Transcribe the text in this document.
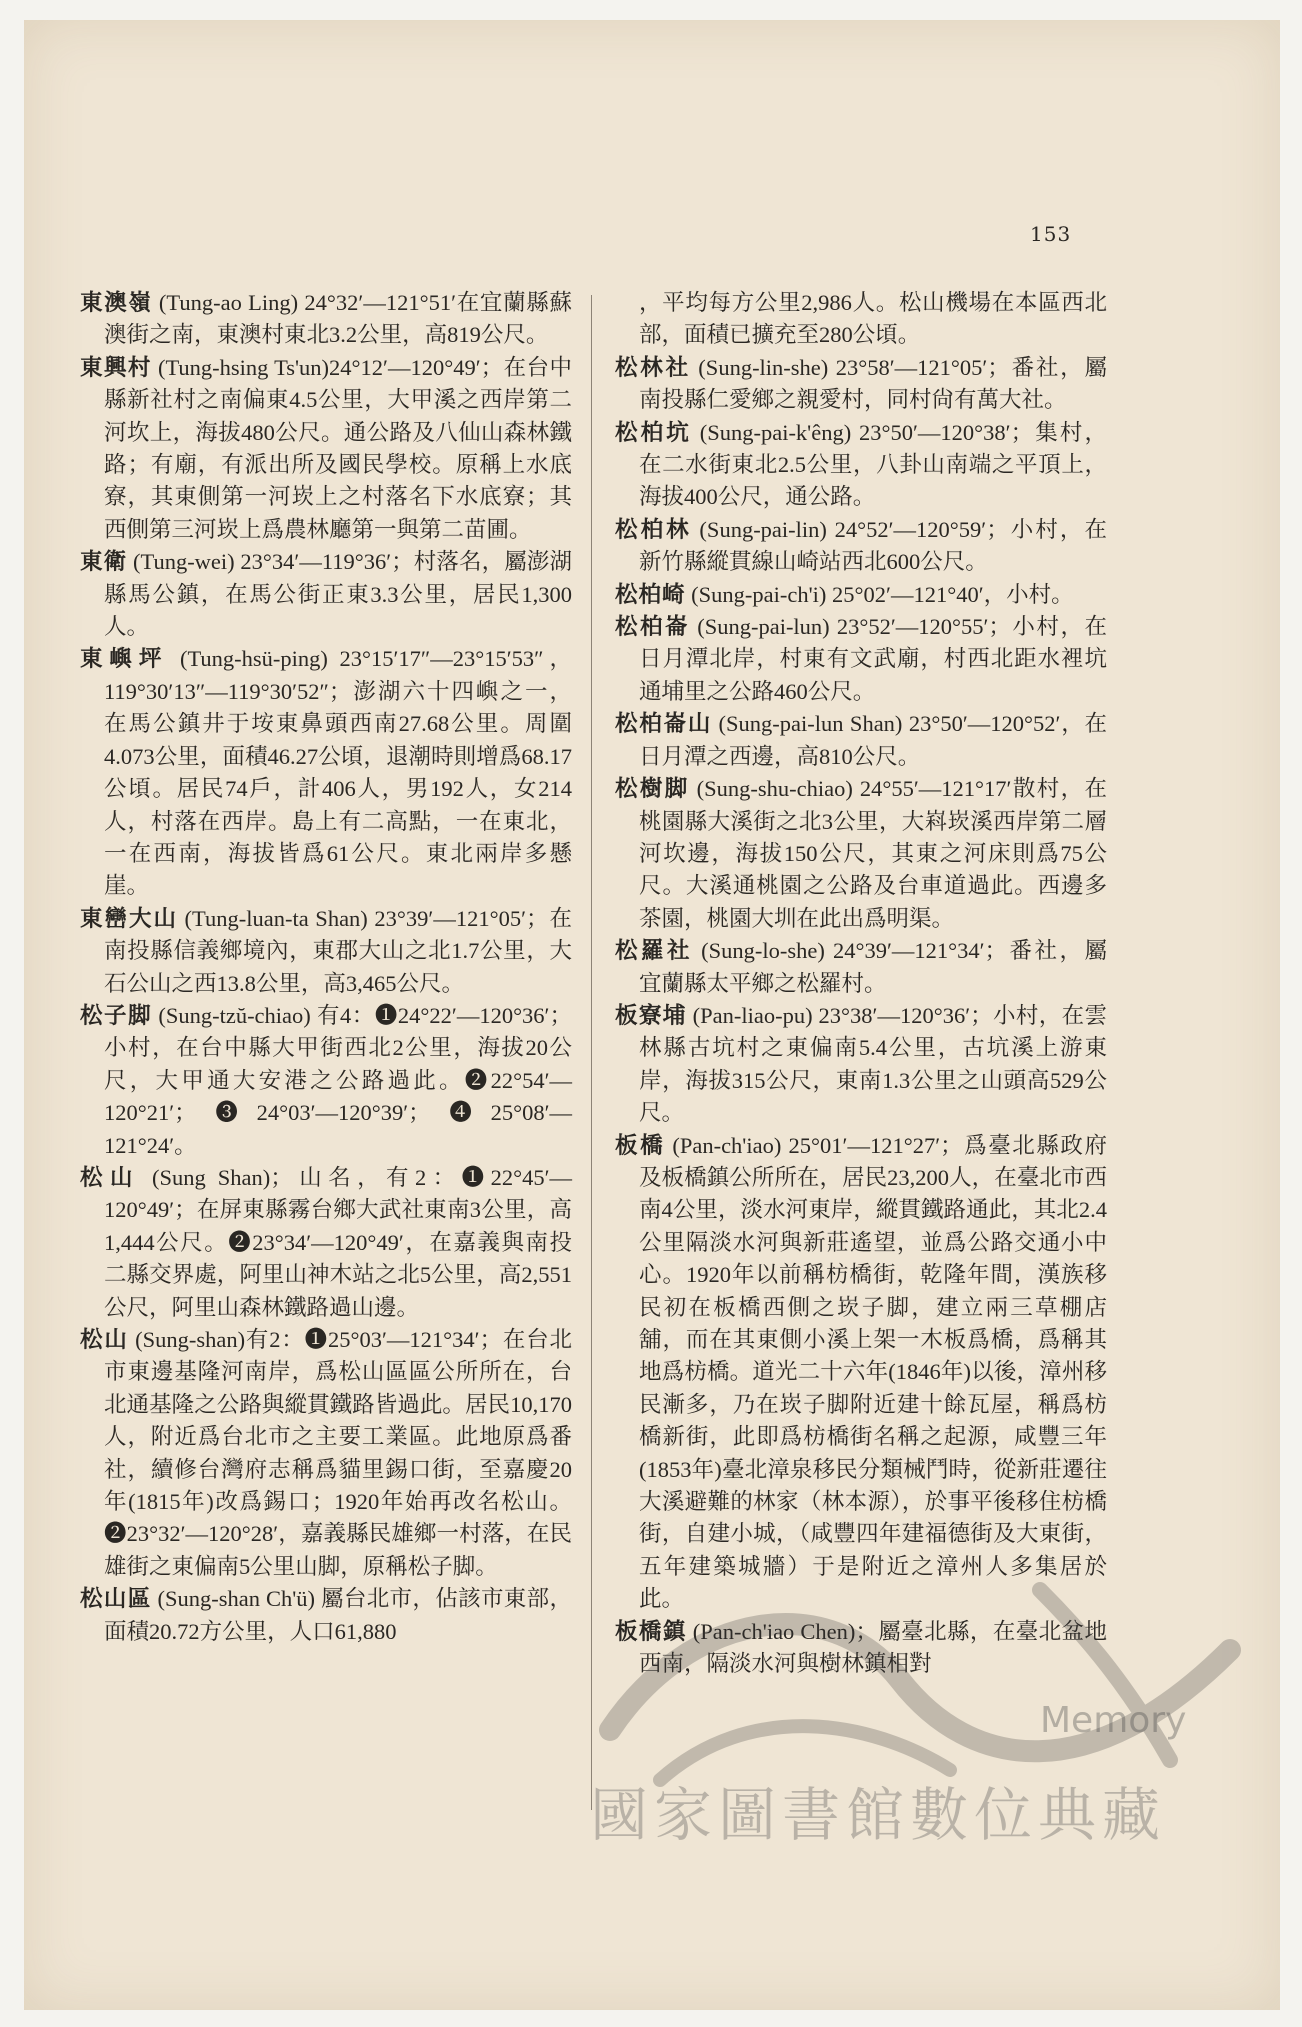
153

東澳嶺 (Tung-ao Ling) 24°32′—121°51′在宜蘭縣蘇澳街之南，東澳村東北3.2公里，高819公尺。

東興村 (Tung-hsing Ts'un)24°12′—120°49′；在台中縣新社村之南偏東4.5公里，大甲溪之西岸第二河坎上，海拔480公尺。通公路及八仙山森林鐵路；有廟，有派出所及國民學校。原稱上水底寮，其東側第一河崁上之村落名下水底寮；其西側第三河崁上爲農林廳第一與第二苗圃。

東衛 (Tung-wei) 23°34′—119°36′；村落名，屬澎湖縣馬公鎮，在馬公街正東3.3公里，居民1,300人。

東嶼坪 (Tung-hsü-ping) 23°15′17″—23°15′53″，119°30′13″—119°30′52″；澎湖六十四嶼之一，在馬公鎮井于垵東鼻頭西南27.68公里。周圍4.073公里，面積46.27公頃，退潮時則增爲68.17公頃。居民74戶，計406人，男192人，女214人，村落在西岸。島上有二高點，一在東北，一在西南，海拔皆爲61公尺。東北兩岸多懸崖。

東巒大山 (Tung-luan-ta Shan) 23°39′—121°05′；在南投縣信義鄉境內，東郡大山之北1.7公里，大石公山之西13.8公里，高3,465公尺。

松子脚 (Sung-tzŭ-chiao) 有4：❶24°22′—120°36′；小村，在台中縣大甲街西北2公里，海拔20公尺，大甲通大安港之公路過此。❷22°54′—120°21′；❸24°03′—120°39′；❹25°08′—121°24′。

松山 (Sung Shan)；山名，有2：❶22°45′—120°49′；在屏東縣霧台鄉大武社東南3公里，高1,444公尺。❷23°34′—120°49′，在嘉義與南投二縣交界處，阿里山神木站之北5公里，高2,551公尺，阿里山森林鐵路過山邊。

松山 (Sung-shan)有2：❶25°03′—121°34′；在台北市東邊基隆河南岸，爲松山區區公所所在，台北通基隆之公路與縱貫鐵路皆過此。居民10,170人，附近爲台北市之主要工業區。此地原爲番社，續修台灣府志稱爲貓里錫口街，至嘉慶20年(1815年)改爲錫口；1920年始再改名松山。❷23°32′—120°28′，嘉義縣民雄鄉一村落，在民雄街之東偏南5公里山脚，原稱松子脚。

松山區 (Sung-shan Ch'ü) 屬台北市，佔該市東部，面積20.72方公里，人口61,880

，平均每方公里2,986人。松山機場在本區西北部，面積已擴充至280公頃。

松林社 (Sung-lin-she) 23°58′—121°05′；番社，屬南投縣仁愛鄉之親愛村，同村尙有萬大社。

松柏坑 (Sung-pai-k'êng) 23°50′—120°38′；集村，在二水街東北2.5公里，八卦山南端之平頂上，海拔400公尺，通公路。

松柏林 (Sung-pai-lin) 24°52′—120°59′；小村，在新竹縣縱貫線山崎站西北600公尺。

松柏崎 (Sung-pai-ch'i) 25°02′—121°40′，小村。

松柏崙 (Sung-pai-lun) 23°52′—120°55′；小村，在日月潭北岸，村東有文武廟，村西北距水裡坑通埔里之公路460公尺。

松柏崙山 (Sung-pai-lun Shan) 23°50′—120°52′，在日月潭之西邊，高810公尺。

松樹脚 (Sung-shu-chiao) 24°55′—121°17′散村，在桃園縣大溪街之北3公里，大嵙崁溪西岸第二層河坎邊，海拔150公尺，其東之河床則爲75公尺。大溪通桃園之公路及台車道過此。西邊多茶園，桃園大圳在此出爲明渠。

松羅社 (Sung-lo-she) 24°39′—121°34′；番社，屬宜蘭縣太平鄉之松羅村。

板寮埔 (Pan-liao-pu) 23°38′—120°36′；小村，在雲林縣古坑村之東偏南5.4公里，古坑溪上游東岸，海拔315公尺，東南1.3公里之山頭高529公尺。

板橋 (Pan-ch'iao) 25°01′—121°27′；爲臺北縣政府及板橋鎮公所所在，居民23,200人，在臺北市西南4公里，淡水河東岸，縱貫鐵路通此，其北2.4公里隔淡水河與新莊遙望，並爲公路交通小中心。1920年以前稱枋橋街，乾隆年間，漢族移民初在板橋西側之崁子脚，建立兩三草棚店舖，而在其東側小溪上架一木板爲橋，爲稱其地爲枋橋。道光二十六年(1846年)以後，漳州移民漸多，乃在崁子脚附近建十餘瓦屋，稱爲枋橋新街，此即爲枋橋街名稱之起源，咸豐三年(1853年)臺北漳泉移民分類械鬥時，從新莊遷往大溪避難的林家（林本源），於事平後移住枋橋街，自建小城，（咸豐四年建福德街及大東街，五年建築城牆）于是附近之漳州人多集居於此。

板橋鎮 (Pan-ch'iao Chen)；屬臺北縣，在臺北盆地西南，隔淡水河與樹林鎮相對

Memory
國家圖書館數位典藏
